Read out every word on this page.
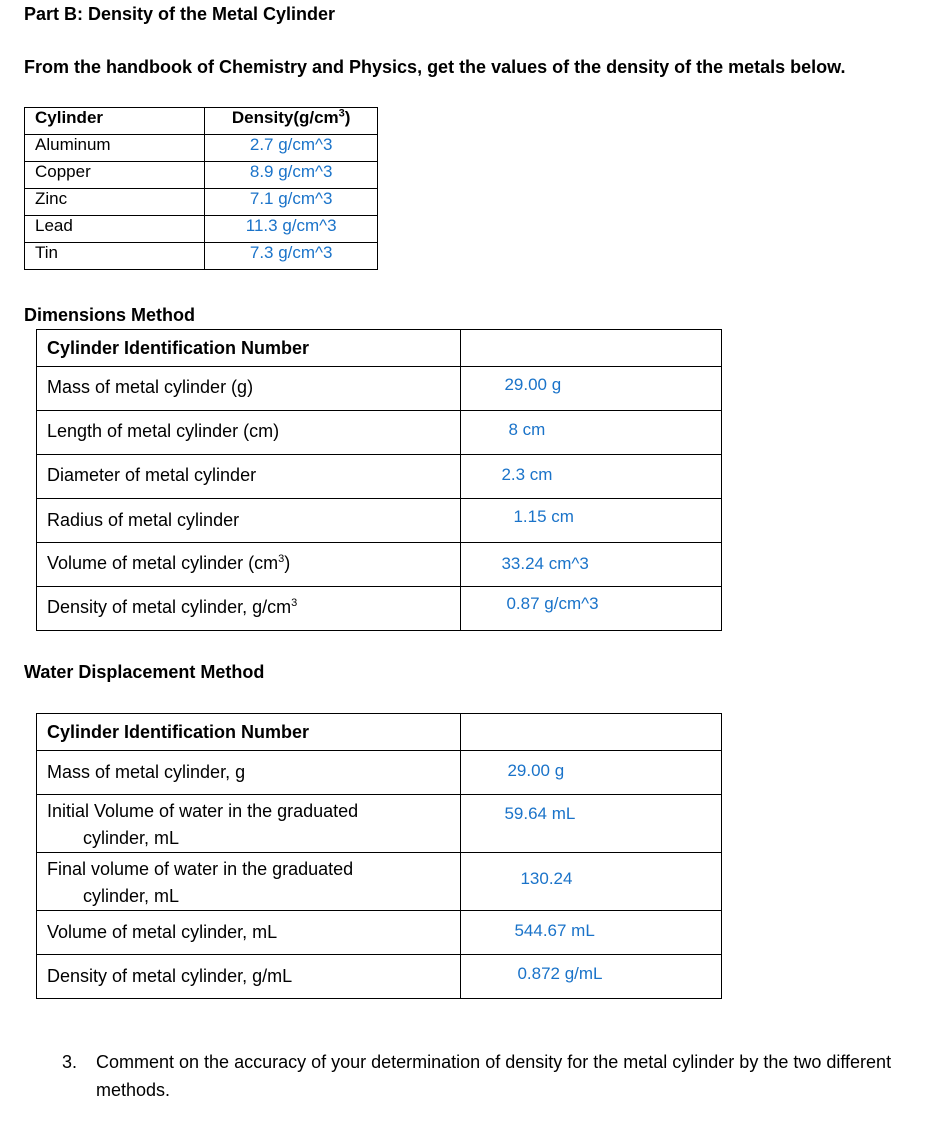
Part B: Density of the Metal Cylinder
From the handbook of Chemistry and Physics, get the values of the density of the metals below.
Cylinder	$Density(g/cm^3)$
Aluminum	2.7 g/cm^3
Copper	8.9 g/cm^3
Zinc	7.1 g/cm^3
Lead	11.3 g/cm^3
Tin	7.3 g/cm^3
Dimensions Method
Cylinder Identification Number	
Mass of metal cylinder (g)	29.00 g

Length of metal cylinder (cm)	8 cm

Diameter of metal cylinder	2.3 cm

Radius of metal cylinder	1.15 cm

Volume of metal cylinder $(cm^3)$	33.24 cm^3

Density of metal cylinder, $g/cm^3$	0.87 g/cm^3
Water Displacement Method
Cylinder Identification Number	
Mass of metal cylinder, g	29.00 g

Initial Volume of water in the graduated
cylinder, mL	59.64 mL

Final volume of water in the graduated
cylinder, mL	130.24

Volume of metal cylinder, mL	544.67 mL

Density of metal cylinder, g/mL	0.872 g/mL
3. Comment on the accuracy of your determination of density for the metal cylinder by the two different methods.
